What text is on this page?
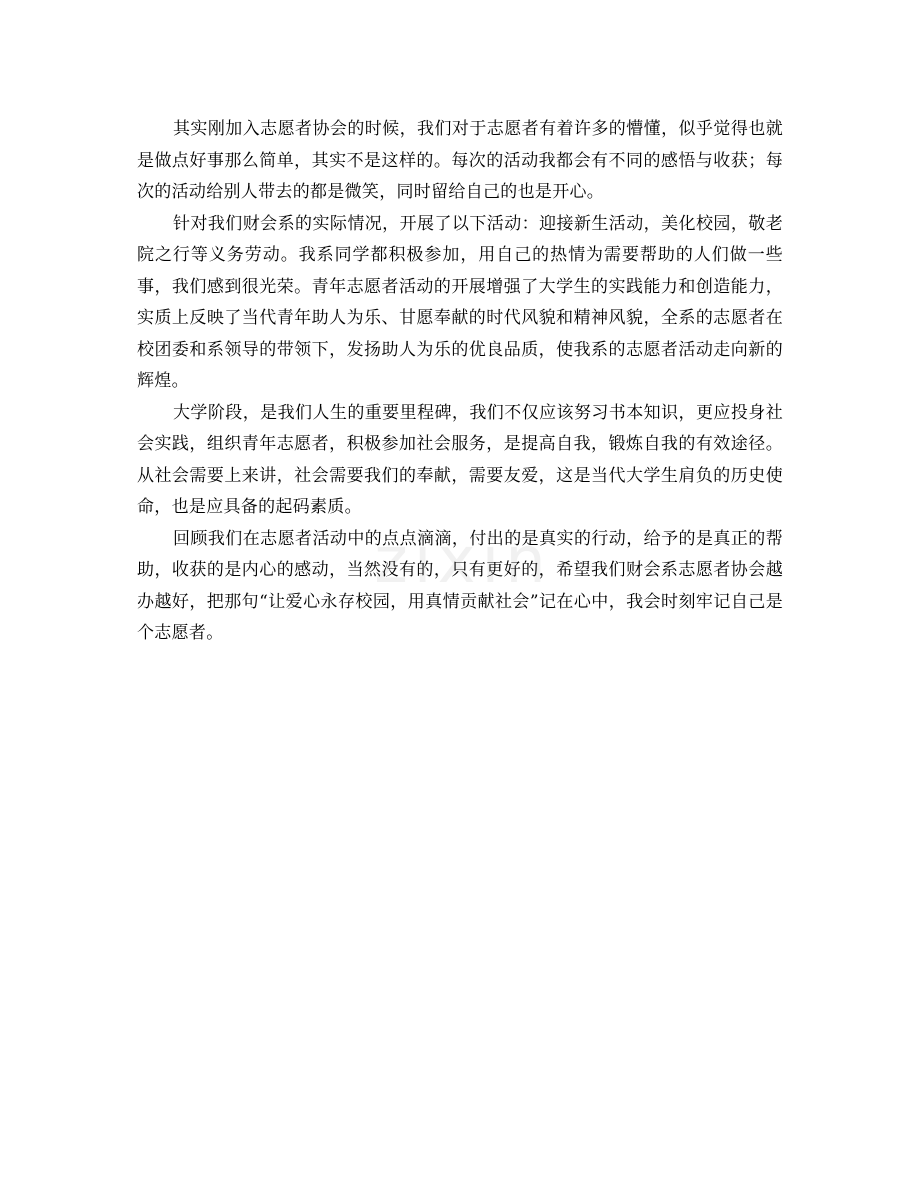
其实刚加入志愿者协会的时候，我们对于志愿者有着许多的懵懂，似乎觉得也就是做点好事那么简单，其实不是这样的。每次的活动我都会有不同的感悟与收获；每次的活动给别人带去的都是微笑，同时留给自己的也是开心。

针对我们财会系的实际情况，开展了以下活动：迎接新生活动，美化校园，敬老院之行等义务劳动。我系同学都积极参加，用自己的热情为需要帮助的人们做一些事，我们感到很光荣。青年志愿者活动的开展增强了大学生的实践能力和创造能力，实质上反映了当代青年助人为乐、甘愿奉献的时代风貌和精神风貌，全系的志愿者在校团委和系领导的带领下，发扬助人为乐的优良品质，使我系的志愿者活动走向新的辉煌。

大学阶段，是我们人生的重要里程碑，我们不仅应该努习书本知识，更应投身社会实践，组织青年志愿者，积极参加社会服务，是提高自我，锻炼自我的有效途径。从社会需要上来讲，社会需要我们的奉献，需要友爱，这是当代大学生肩负的历史使命，也是应具备的起码素质。

回顾我们在志愿者活动中的点点滴滴，付出的是真实的行动，给予的是真正的帮助，收获的是内心的感动，当然没有的，只有更好的，希望我们财会系志愿者协会越办越好，把那句“让爱心永存校园，用真情贡献社会”记在心中，我会时刻牢记自己是个志愿者。

zixin
